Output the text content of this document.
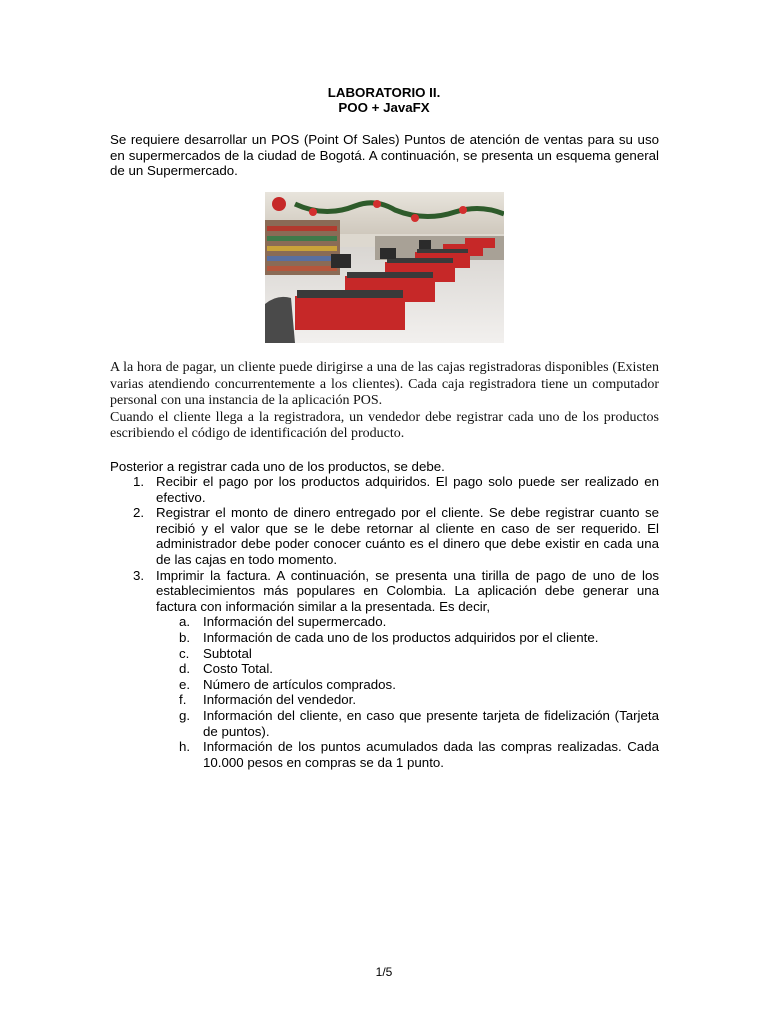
LABORATORIO II.
POO + JavaFX
Se requiere desarrollar un POS (Point Of Sales) Puntos de atención de ventas para su uso en supermercados de la ciudad de Bogotá. A continuación, se presenta un esquema general de un Supermercado.

A la hora de pagar, un cliente puede dirigirse a una de las cajas registradoras disponibles (Existen varias atendiendo concurrentemente a los clientes). Cada caja registradora tiene un computador personal con una instancia de la aplicación POS.

Cuando el cliente llega a la registradora, un vendedor debe registrar cada uno de los productos escribiendo el código de identificación del producto.

Posterior a registrar cada uno de los productos, se debe.
1. Recibir el pago por los productos adquiridos. El pago solo puede ser realizado en efectivo.
2. Registrar el monto de dinero entregado por el cliente. Se debe registrar cuanto se recibió y el valor que se le debe retornar al cliente en caso de ser requerido. El administrador debe poder conocer cuánto es el dinero que debe existir en cada una de las cajas en todo momento.
3. Imprimir la factura. A continuación, se presenta una tirilla de pago de uno de los establecimientos más populares en Colombia. La aplicación debe generar una factura con información similar a la presentada. Es decir,
a. Información del supermercado.
b. Información de cada uno de los productos adquiridos por el cliente.
c. Subtotal
d. Costo Total.
e. Número de artículos comprados.
f. Información del vendedor.
g. Información del cliente, en caso que presente tarjeta de fidelización (Tarjeta de puntos).
h. Información de los puntos acumulados dada las compras realizadas. Cada 10.000 pesos en compras se da 1 punto.
1/5
